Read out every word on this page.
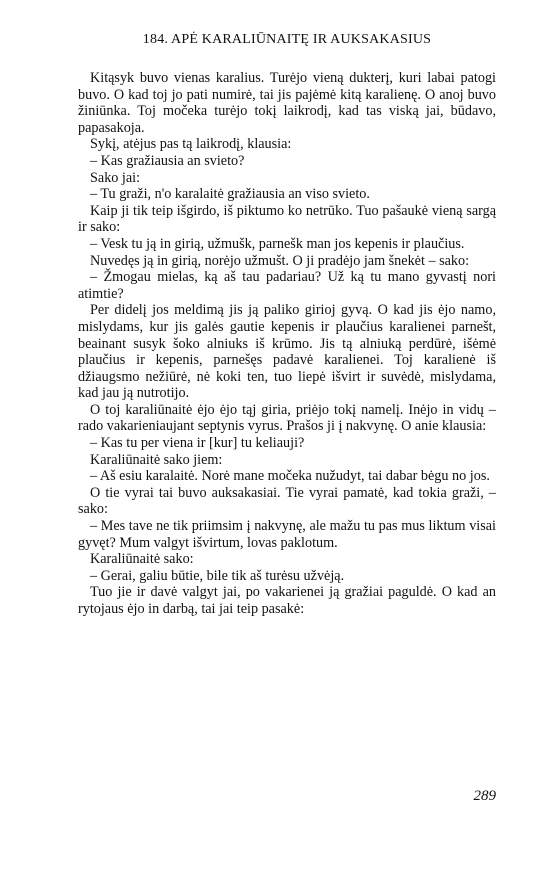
184. APĖ KARALIŪNAITĘ IR AUKSAKASIUS

Kitąsyk buvo vienas karalius. Turėjo vieną dukterį, kuri labai patogi buvo. O kad toj jo pati numirė, tai jis pajėmė kitą karalienę. O anoj buvo žiniūnka. Toj močeka turėjo tokį laikrodį, kad tas viską jai, būdavo, papasakoja.

Sykį, atėjus pas tą laikrodį, klausia:

– Kas gražiausia an svieto?

Sako jai:

– Tu graži, n'o karalaitė gražiausia an viso svieto.

Kaip ji tik teip išgirdo, iš piktumo ko netrūko. Tuo pašaukė vieną sargą ir sako:

– Vesk tu ją in girią, užmušk, parnešk man jos kepenis ir plaučius.

Nuvedęs ją in girią, norėjo užmušt. O ji pradėjo jam šnekėt – sako:

– Žmogau mielas, ką aš tau padariau? Už ką tu mano gyvastį nori atimtie?

Per didelį jos meldimą jis ją paliko girioj gyvą. O kad jis ėjo namo, mislydams, kur jis galės gautie kepenis ir plaučius karalienei parnešt, beainant susyk šoko alniuks iš krūmo. Jis tą alniuką perdūrė, išėmė plaučius ir kepenis, parnešęs padavė karalienei. Toj karalienė iš džiaugsmo nežiūrė, nė koki ten, tuo liepė išvirt ir suvėdė, mislydama, kad jau ją nutrotijo.

O toj karaliūnaitė ėjo ėjo tąj giria, priėjo tokį namelį. Inėjo in vidų – rado vakarieniaujant septynis vyrus. Prašos ji į nakvynę. O anie klausia:

– Kas tu per viena ir [kur] tu keliauji?

Karaliūnaitė sako jiem:

– Aš esiu karalaitė. Norė mane močeka nužudyt, tai dabar bėgu no jos.

O tie vyrai tai buvo auksakasiai. Tie vyrai pamatė, kad tokia graži, – sako:

– Mes tave ne tik priimsim į nakvynę, ale mažu tu pas mus liktum visai gyvęt? Mum valgyt išvirtum, lovas paklotum.

Karaliūnaitė sako:

– Gerai, galiu būtie, bile tik aš turėsu užvėją.

Tuo jie ir davė valgyt jai, po vakarienei ją gražiai paguldė. O kad an rytojaus ėjo in darbą, tai jai teip pasakė:

289
